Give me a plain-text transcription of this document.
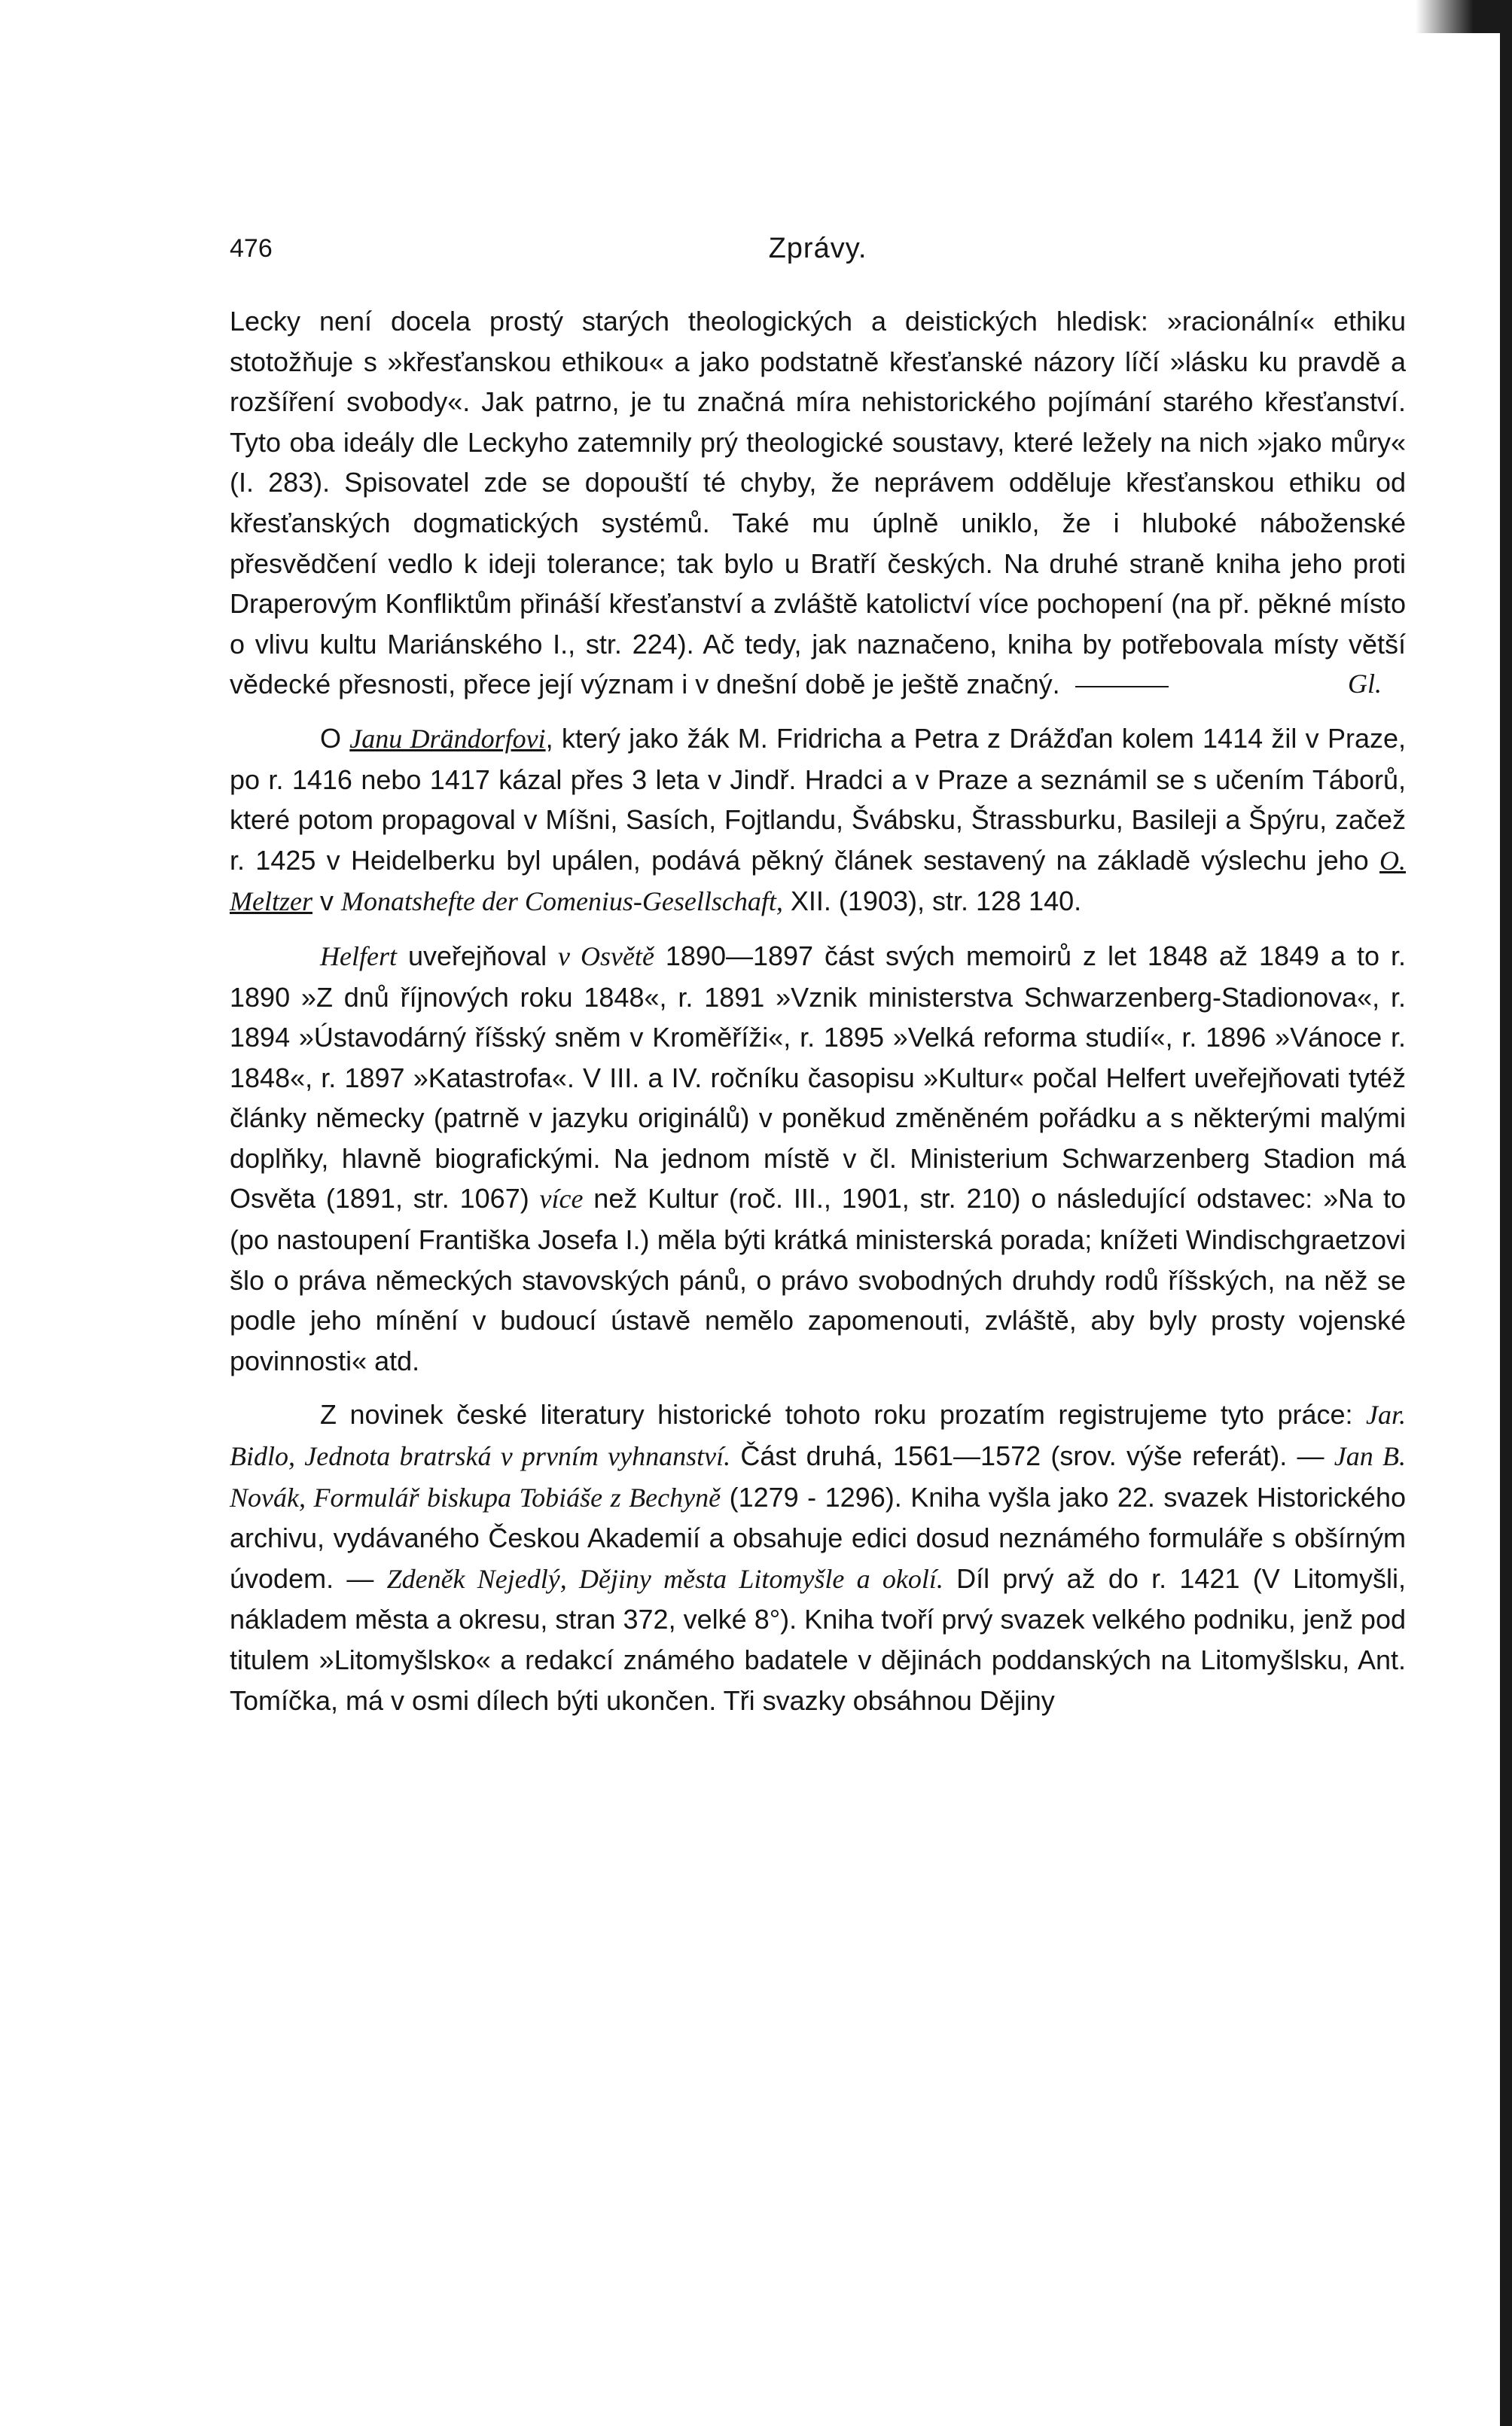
476	Zprávy.

Lecky není docela prostý starých theologických a deistických hledisk: »racionální« ethiku stotožňuje s »křesťanskou ethikou« a jako podstatně křesťanské názory líčí »lásku ku pravdě a rozšíření svobody«. Jak patrno, je tu značná míra nehistorického pojímání starého křesťanství. Tyto oba ideály dle Leckyho zatemnily prý theologické soustavy, které ležely na nich »jako můry« (I. 283). Spisovatel zde se dopouští té chyby, že neprávem odděluje křesťanskou ethiku od křesťanských dogmatických systémů. Také mu úplně uniklo, že i hluboké náboženské přesvědčení vedlo k ideji tolerance; tak bylo u Bratří českých. Na druhé straně kniha jeho proti Draperovým Konfliktům přináší křesťanství a zvláště katolictví více pochopení (na př. pěkné místo o vlivu kultu Mariánského I., str. 224). Ač tedy, jak naznačeno, kniha by potřebovala místy větší vědecké přesnosti, přece její význam i v dnešní době je ještě značný.	Gl.

O Janu Drändorfovi, který jako žák M. Fridricha a Petra z Drážďan kolem 1414 žil v Praze, po r. 1416 nebo 1417 kázal přes 3 leta v Jindř. Hradci a v Praze a seznámil se s učením Táborů, které potom propagoval v Míšni, Sasích, Fojtlandu, Švábsku, Štrassburku, Basileji a Špýru, začež r. 1425 v Heidelberku byl upálen, podává pěkný článek sestavený na základě výslechu jeho O. Meltzer v Monatshefte der Comenius-Gesellschaft, XII. (1903), str. 128 140.

Helfert uveřejňoval v Osvětě 1890—1897 část svých memoirů z let 1848 až 1849 a to r. 1890 »Z dnů říjnových roku 1848«, r. 1891 »Vznik ministerstva Schwarzenberg-Stadionova«, r. 1894 »Ústavodárný říšský sněm v Kroměříži«, r. 1895 »Velká reforma studií«, r. 1896 »Vánoce r. 1848«, r. 1897 »Katastrofa«. V III. a IV. ročníku časopisu »Kultur« počal Helfert uveřejňovati tytéž články německy (patrně v jazyku originálů) v poněkud změněném pořádku a s některými malými doplňky, hlavně biografickými. Na jednom místě v čl. Ministerium Schwarzenberg Stadion má Osvěta (1891, str. 1067) více než Kultur (roč. III., 1901, str. 210) o následující odstavec: »Na to (po nastoupení Františka Josefa I.) měla býti krátká ministerská porada; knížeti Windischgraetzovi šlo o práva německých stavovských pánů, o právo svobodných druhdy rodů říšských, na něž se podle jeho mínění v budoucí ústavě nemělo zapomenouti, zvláště, aby byly prosty vojenské povinnosti« atd.

Z novinek české literatury historické tohoto roku prozatím registrujeme tyto práce: Jar. Bidlo, Jednota bratrská v prvním vyhnanství. Část druhá, 1561—1572 (srov. výše referát). — Jan B. Novák, Formulář biskupa Tobiáše z Bechyně (1279 - 1296). Kniha vyšla jako 22. svazek Historického archivu, vydávaného Českou Akademií a obsahuje edici dosud neznámého formuláře s obšírným úvodem. — Zdeněk Nejedlý, Dějiny města Litomyšle a okolí. Díl prvý až do r. 1421 (V Litomyšli, nákladem města a okresu, stran 372, velké 8°). Kniha tvoří prvý svazek velkého podniku, jenž pod titulem »Litomyšlsko« a redakcí známého badatele v dějinách poddanských na Litomyšlsku, Ant. Tomíčka, má v osmi dílech býti ukončen. Tři svazky obsáhnou Dějiny
